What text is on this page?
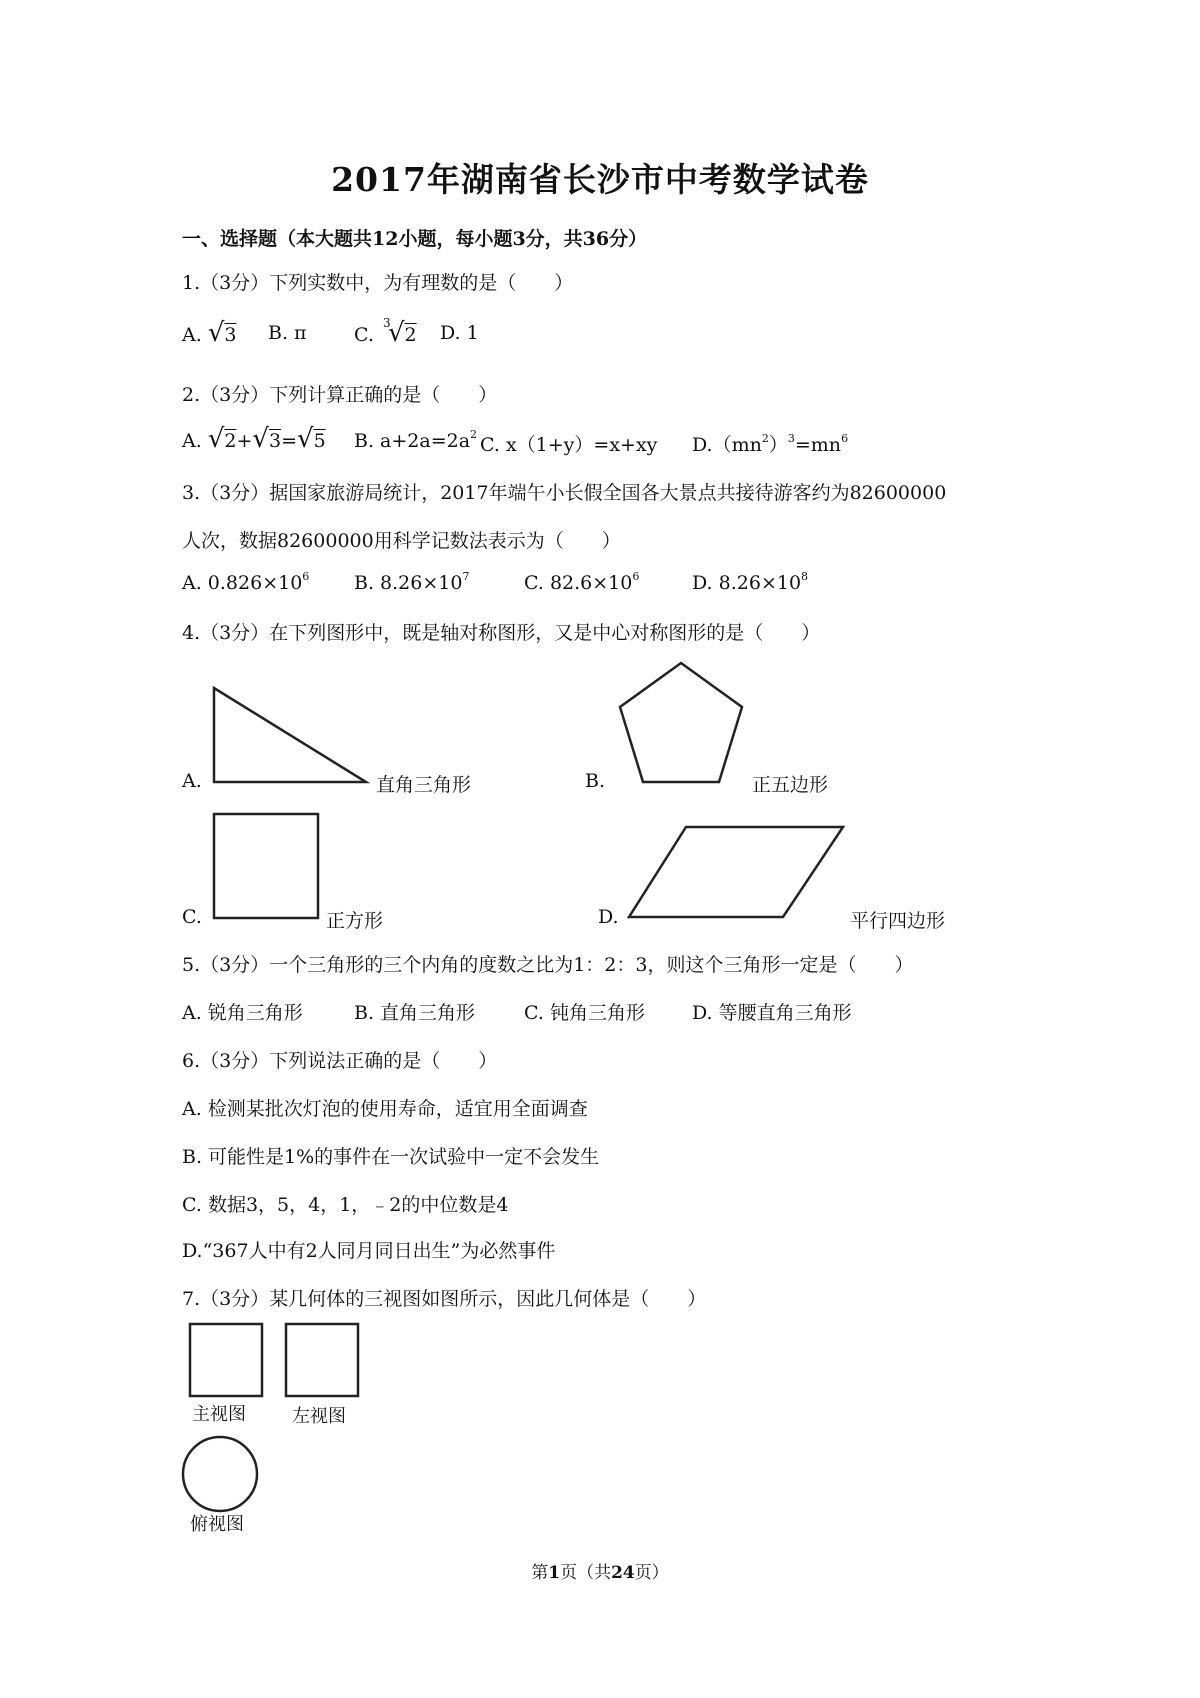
2017年湖南省长沙市中考数学试卷
一、选择题（本大题共12小题，每小题3分，共36分）
1.（3分）下列实数中，为有理数的是（　　）
A. √3 B. π C.
3
√2 D. 1
2.（3分）下列计算正确的是（　　）
A. √2+√3=√5 B. $a+2a=2a^2$ C. x（1+y）=x+xy $D.(mn^2)^3=mn^6$
3.（3分）据国家旅游局统计，2017年端午小长假全国各大景点共接待游客约为82600000
人次，数据82600000用科学记数法表示为（　　）
A. $0.826\times 10^6$ B. $8.26\times 10^7$	C. $82.6\times 10^6$	D. $8.26\times 10^8$
4.（3分）在下列图形中，既是轴对称图形，又是中心对称图形的是（　　）
A.	直角三角形	B.	正五边形
C.	正方形	D.	平行四边形
5.（3分）一个三角形的三个内角的度数之比为1：2：3，则这个三角形一定是（　　）
A. 锐角三角形	B. 直角三角形	C. 钝角三角形 D. 等腰直角三角形
6.（3分）下列说法正确的是（　　）
A. 检测某批次灯泡的使用寿命，适宜用全面调查
B. 可能性是1%的事件在一次试验中一定不会发生
C. 数据3，5，4，1，﹣2的中位数是4
D.“367人中有2人同月同日出生”为必然事件
7.（3分）某几何体的三视图如图所示，因此几何体是（　　）
主视图	左视图
俯视图
第1页（共24页）
